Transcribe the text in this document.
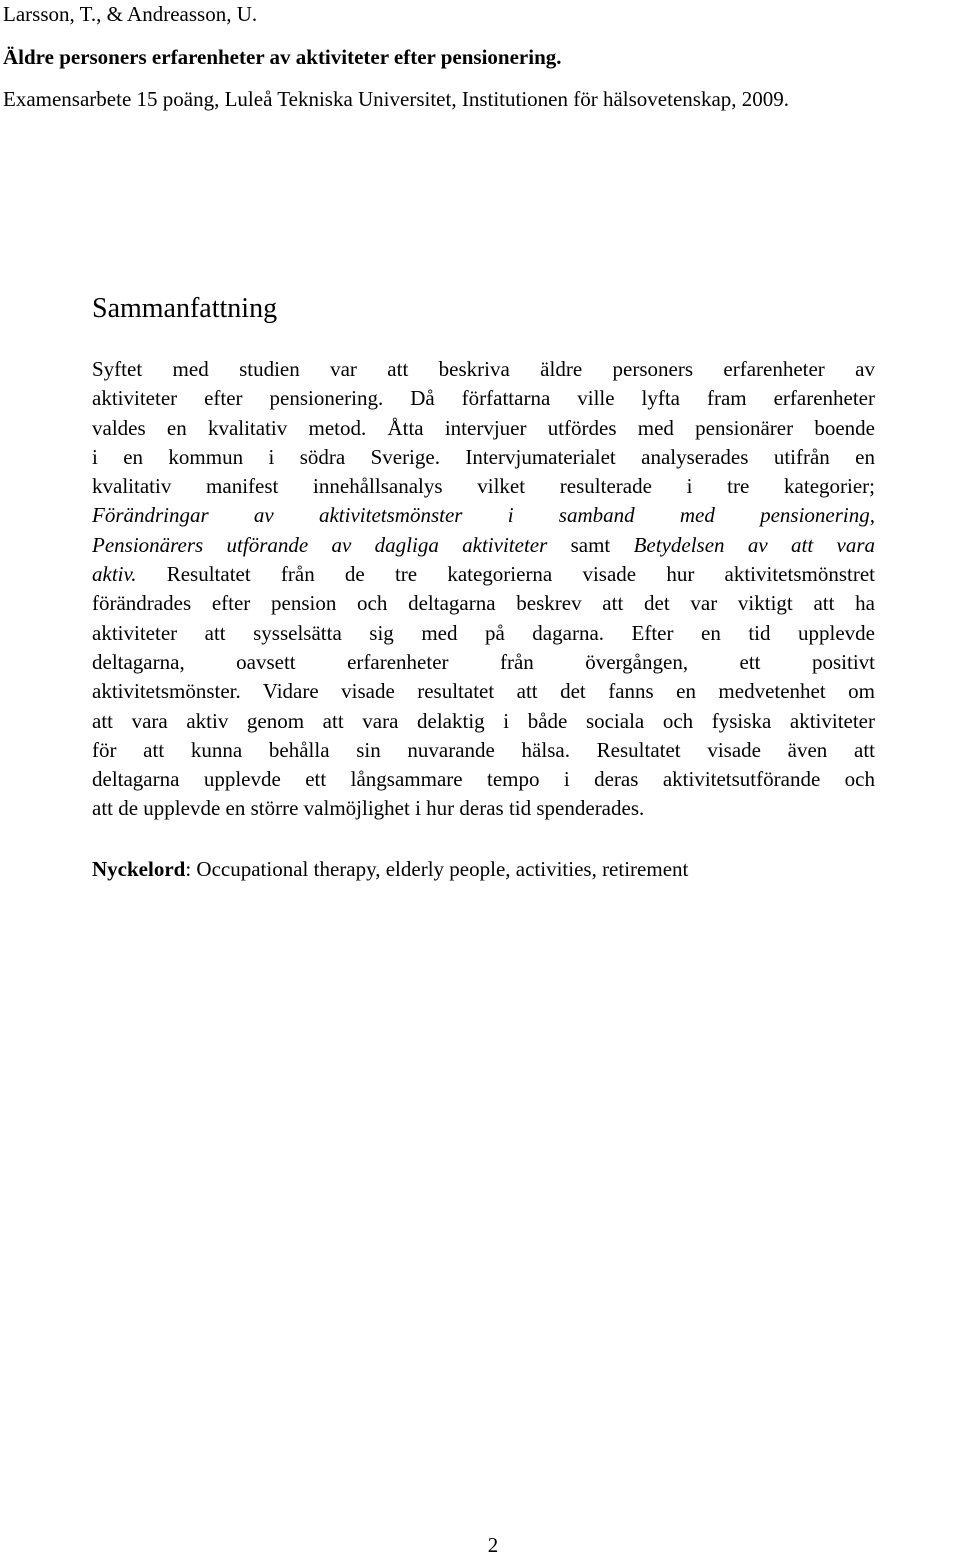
Larsson, T., & Andreasson, U.

Äldre personers erfarenheter av aktiviteter efter pensionering.

Examensarbete 15 poäng, Luleå Tekniska Universitet, Institutionen för hälsovetenskap, 2009.

Sammanfattning
Syftet med studien var att beskriva äldre personers erfarenheter av
aktiviteter efter pensionering. Då författarna ville lyfta fram erfarenheter
valdes en kvalitativ metod. Åtta intervjuer utfördes med pensionärer boende
i en kommun i södra Sverige. Intervjumaterialet analyserades utifrån en
kvalitativ manifest innehållsanalys vilket resulterade i tre kategorier;
Förändringar av aktivitetsmönster i samband med pensionering,
Pensionärers utförande av dagliga aktiviteter samt Betydelsen av att vara
aktiv. Resultatet från de tre kategorierna visade hur aktivitetsmönstret
förändrades efter pension och deltagarna beskrev att det var viktigt att ha
aktiviteter att sysselsätta sig med på dagarna. Efter en tid upplevde
deltagarna, oavsett erfarenheter från övergången, ett positivt
aktivitetsmönster. Vidare visade resultatet att det fanns en medvetenhet om
att vara aktiv genom att vara delaktig i både sociala och fysiska aktiviteter
för att kunna behålla sin nuvarande hälsa. Resultatet visade även att
deltagarna upplevde ett långsammare tempo i deras aktivitetsutförande och
att de upplevde en större valmöjlighet i hur deras tid spenderades.

Nyckelord: Occupational therapy, elderly people, activities, retirement

2
